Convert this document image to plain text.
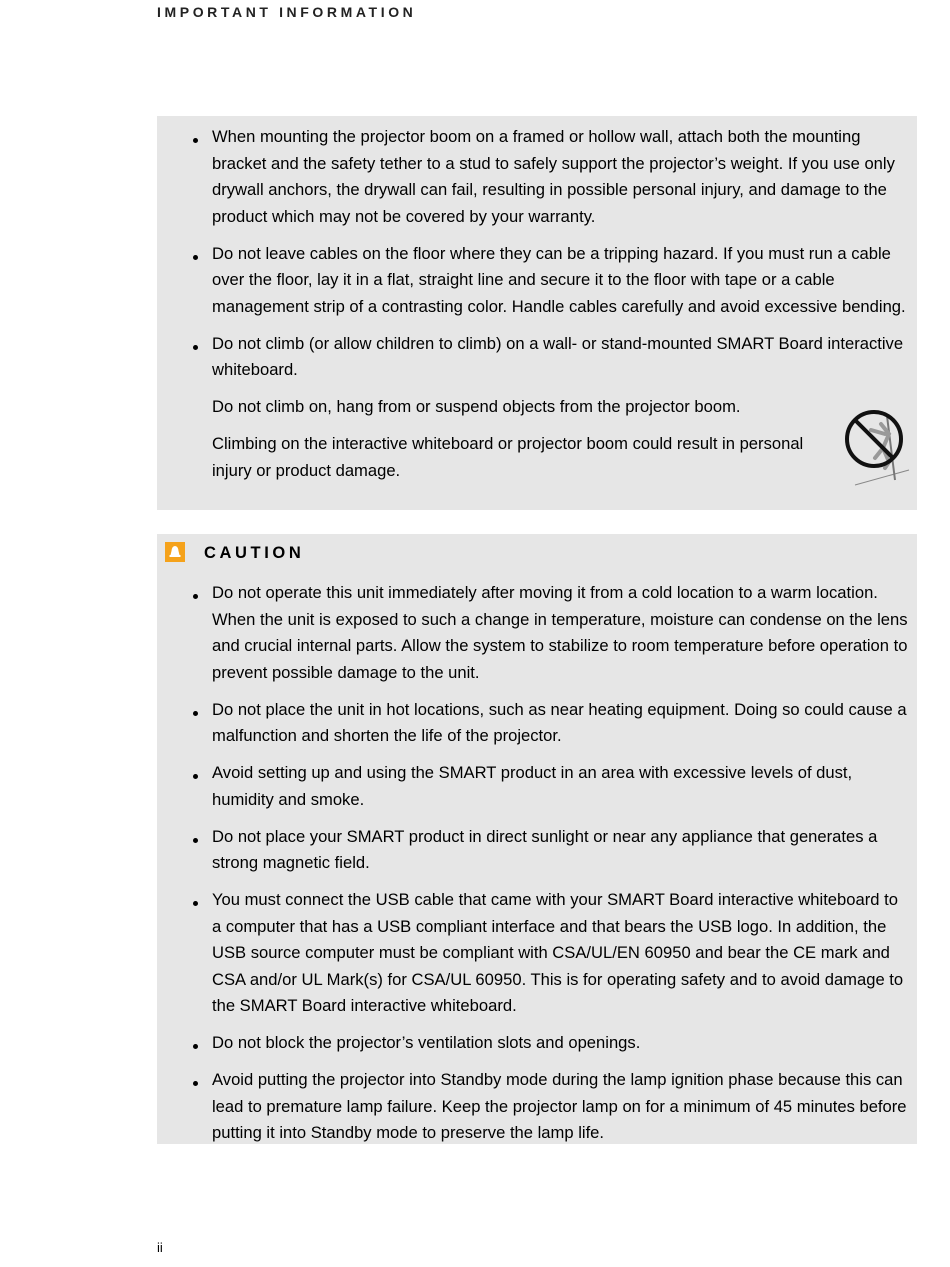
IMPORTANT INFORMATION
When mounting the projector boom on a framed or hollow wall, attach both the mounting bracket and the safety tether to a stud to safely support the projector’s weight. If you use only drywall anchors, the drywall can fail, resulting in possible personal injury, and damage to the product which may not be covered by your warranty.
Do not leave cables on the floor where they can be a tripping hazard. If you must run a cable over the floor, lay it in a flat, straight line and secure it to the floor with tape or a cable management strip of a contrasting color. Handle cables carefully and avoid excessive bending.
Do not climb (or allow children to climb) on a wall- or stand-mounted SMART Board interactive whiteboard.

Do not climb on, hang from or suspend objects from the projector boom.

Climbing on the interactive whiteboard or projector boom could result in personal injury or product damage.

CAUTION
Do not operate this unit immediately after moving it from a cold location to a warm location. When the unit is exposed to such a change in temperature, moisture can condense on the lens and crucial internal parts. Allow the system to stabilize to room temperature before operation to prevent possible damage to the unit.
Do not place the unit in hot locations, such as near heating equipment. Doing so could cause a malfunction and shorten the life of the projector.
Avoid setting up and using the SMART product in an area with excessive levels of dust, humidity and smoke.
Do not place your SMART product in direct sunlight or near any appliance that generates a strong magnetic field.
You must connect the USB cable that came with your SMART Board interactive whiteboard to a computer that has a USB compliant interface and that bears the USB logo. In addition, the USB source computer must be compliant with CSA/UL/EN 60950 and bear the CE mark and CSA and/or UL Mark(s) for CSA/UL 60950. This is for operating safety and to avoid damage to the SMART Board interactive whiteboard.
Do not block the projector’s ventilation slots and openings.
Avoid putting the projector into Standby mode during the lamp ignition phase because this can lead to premature lamp failure. Keep the projector lamp on for a minimum of 45 minutes before putting it into Standby mode to preserve the lamp life.
ii
